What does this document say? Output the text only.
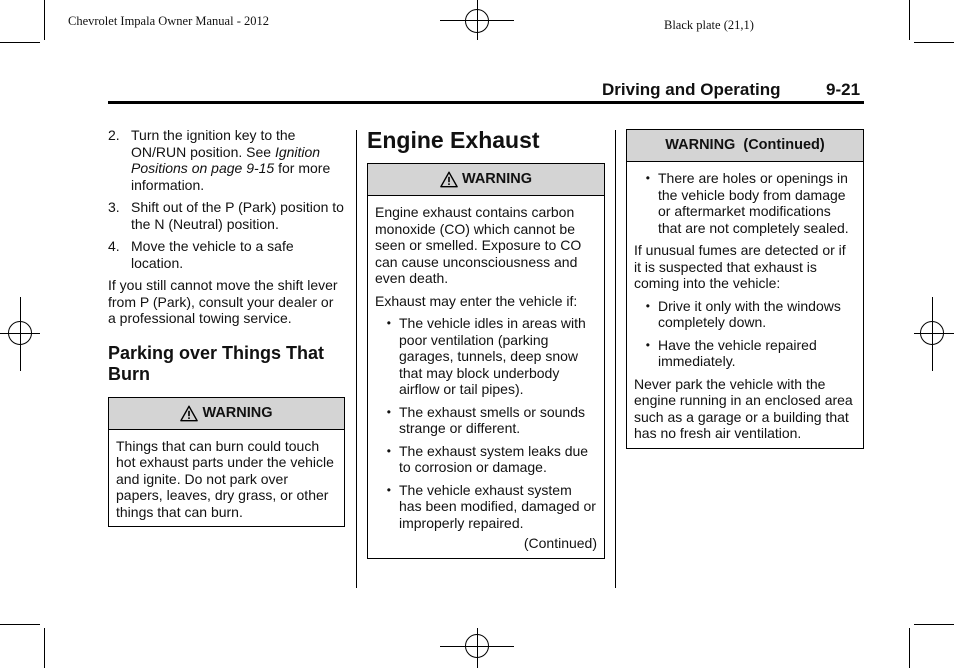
Chevrolet Impala Owner Manual - 2012	Black plate (21,1)
Driving and Operating	9-21
2. Turn the ignition key to the ON/RUN position. See Ignition Positions on page 9-15 for more information.
3. Shift out of the P (Park) position to the N (Neutral) position.
4. Move the vehicle to a safe location.

If you still cannot move the shift lever from P (Park), consult your dealer or a professional towing service.

Parking over Things That Burn
WARNING

Things that can burn could touch hot exhaust parts under the vehicle and ignite. Do not park over papers, leaves, dry grass, or other things that can burn.

Engine Exhaust
WARNING

Engine exhaust contains carbon monoxide (CO) which cannot be seen or smelled. Exposure to CO can cause unconsciousness and even death.

Exhaust may enter the vehicle if:

• The vehicle idles in areas with poor ventilation (parking garages, tunnels, deep snow that may block underbody airflow or tail pipes).
• The exhaust smells or sounds strange or different.
• The exhaust system leaks due to corrosion or damage.
• The vehicle exhaust system has been modified, damaged or improperly repaired.
(Continued)
WARNING  (Continued)
• There are holes or openings in the vehicle body from damage or aftermarket modifications that are not completely sealed.

If unusual fumes are detected or if it is suspected that exhaust is coming into the vehicle:

• Drive it only with the windows completely down.
• Have the vehicle repaired immediately.

Never park the vehicle with the engine running in an enclosed area such as a garage or a building that has no fresh air ventilation.
